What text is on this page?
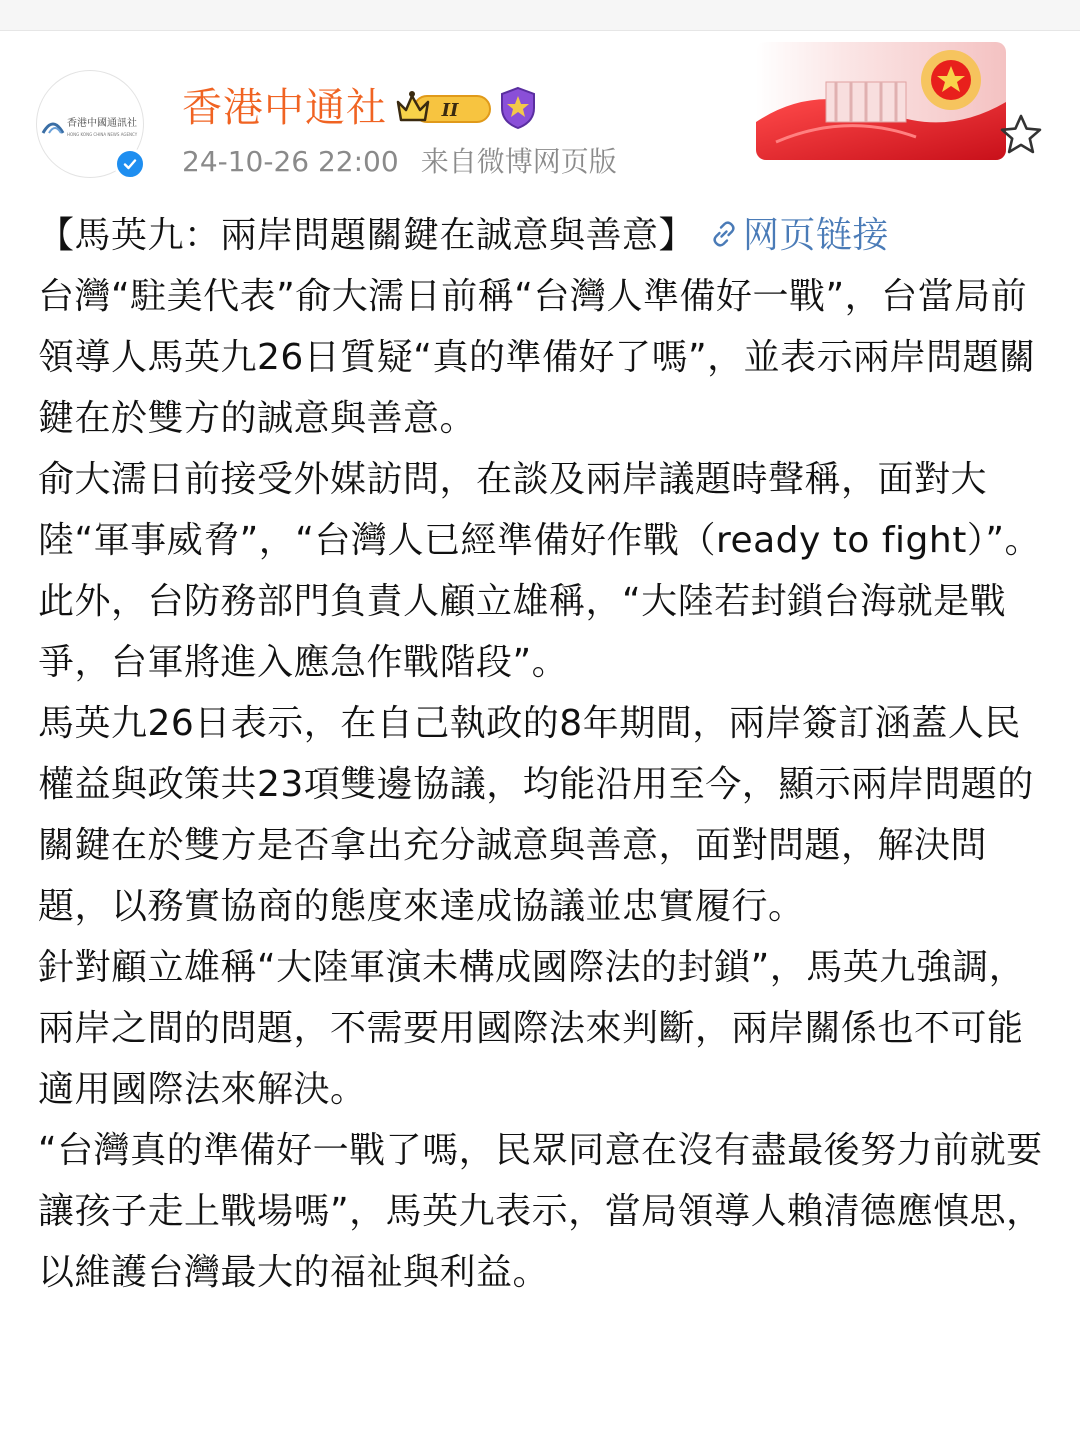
香港中國通訊社
HONG KONG CHINA NEWS AGENCY
香港中通社	II
24-10-26 22:00 来自微博网页版

【馬英九：兩岸問題關鍵在誠意與善意】 网页链接

台灣“駐美代表”俞大濡日前稱“台灣人準備好一戰”，台當局前領導人馬英九26日質疑“真的準備好了嗎”，並表示兩岸問題關鍵在於雙方的誠意與善意。

俞大濡日前接受外媒訪問，在談及兩岸議題時聲稱，面對大陸“軍事威脅”，“台灣人已經準備好作戰（ready to fight）”。此外，台防務部門負責人顧立雄稱，“大陸若封鎖台海就是戰爭，台軍將進入應急作戰階段”。

馬英九26日表示，在自己執政的8年期間，兩岸簽訂涵蓋人民權益與政策共23項雙邊協議，均能沿用至今，顯示兩岸問題的關鍵在於雙方是否拿出充分誠意與善意，面對問題，解決問題，以務實協商的態度來達成協議並忠實履行。

針對顧立雄稱“大陸軍演未構成國際法的封鎖”，馬英九強調，兩岸之間的問題，不需要用國際法來判斷，兩岸關係也不可能適用國際法來解決。

“台灣真的準備好一戰了嗎，民眾同意在沒有盡最後努力前就要讓孩子走上戰場嗎”，馬英九表示，當局領導人賴清德應慎思，以維護台灣最大的福祉與利益。
